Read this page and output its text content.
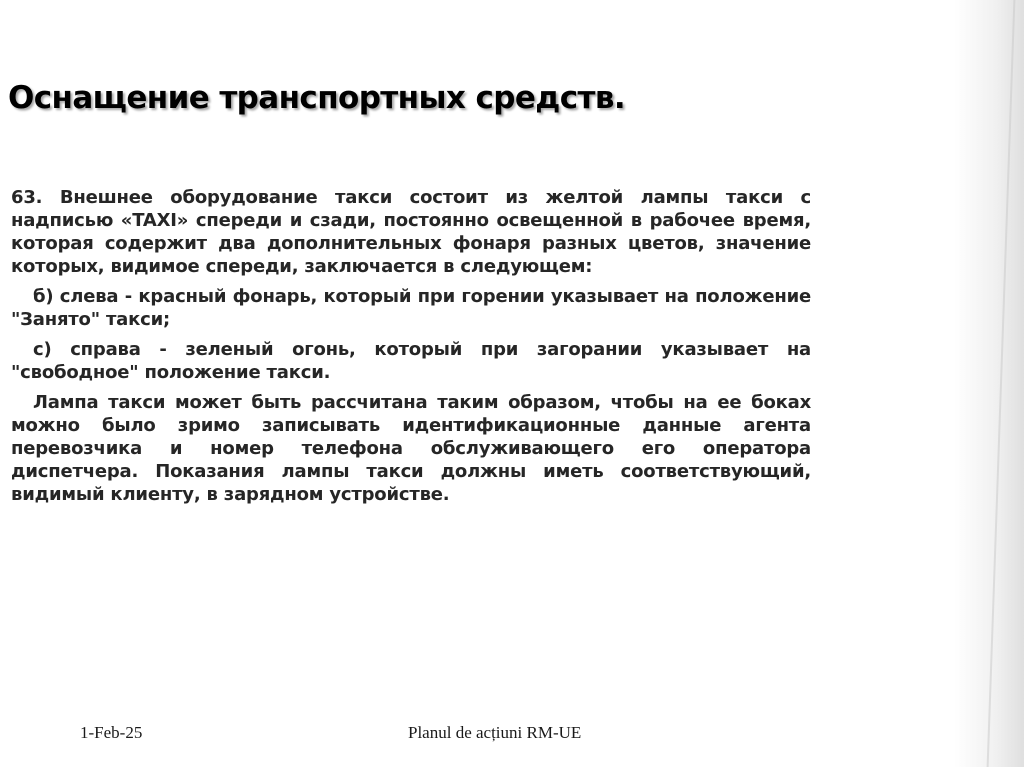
Оснащение транспортных средств.

63. Внешнее оборудование такси состоит из желтой лампы такси с надписью «TAXI» спереди и сзади, постоянно освещенной в рабочее время, которая содержит два дополнительных фонаря разных цветов, значение которых, видимое спереди, заключается в следующем:

б) слева - красный фонарь, который при горении указывает на положение "Занято" такси;

с) справа - зеленый огонь, который при загорании указывает на "свободное" положение такси.

Лампа такси может быть рассчитана таким образом, чтобы на ее боках можно было зримо записывать идентификационные данные агента перевозчика и номер телефона обслуживающего его оператора диспетчера. Показания лампы такси должны иметь соответствующий, видимый клиенту, в зарядном устройстве.

1-Feb-25	Planul de acțiuni RM-UE
